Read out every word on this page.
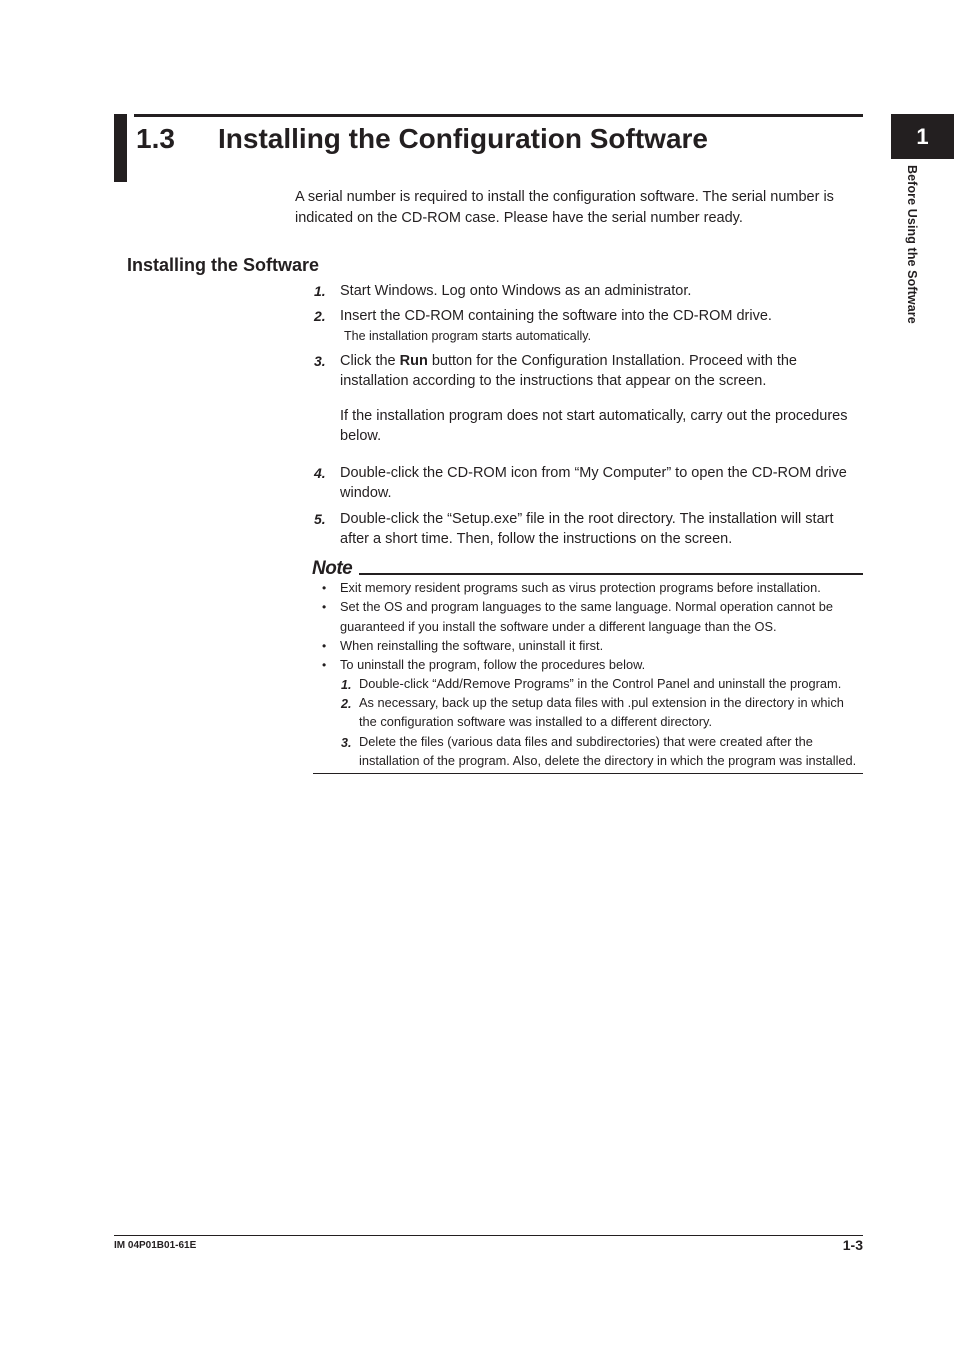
1.3 Installing the Configuration Software	1
Before Using the Software
A serial number is required to install the configuration software. The serial number is indicated on the CD-ROM case. Please have the serial number ready.
Installing the Software
1. Start Windows. Log onto Windows as an administrator.
2. Insert the CD-ROM containing the software into the CD-ROM drive.
The installation program starts automatically.
3. Click the Run button for the Configuration Installation. Proceed with the installation according to the instructions that appear on the screen.
If the installation program does not start automatically, carry out the procedures below.
4. Double-click the CD-ROM icon from “My Computer” to open the CD-ROM drive window.
5. Double-click the “Setup.exe” file in the root directory. The installation will start after a short time. Then, follow the instructions on the screen.
Note
• Exit memory resident programs such as virus protection programs before installation.
• Set the OS and program languages to the same language. Normal operation cannot be guaranteed if you install the software under a different language than the OS.
• When reinstalling the software, uninstall it first.
• To uninstall the program, follow the procedures below.
1. Double-click “Add/Remove Programs” in the Control Panel and uninstall the program.
2. As necessary, back up the setup data files with .pul extension in the directory in which the configuration software was installed to a different directory.
3. Delete the files (various data files and subdirectories) that were created after the installation of the program. Also, delete the directory in which the program was installed.
IM 04P01B01-61E	1-3
